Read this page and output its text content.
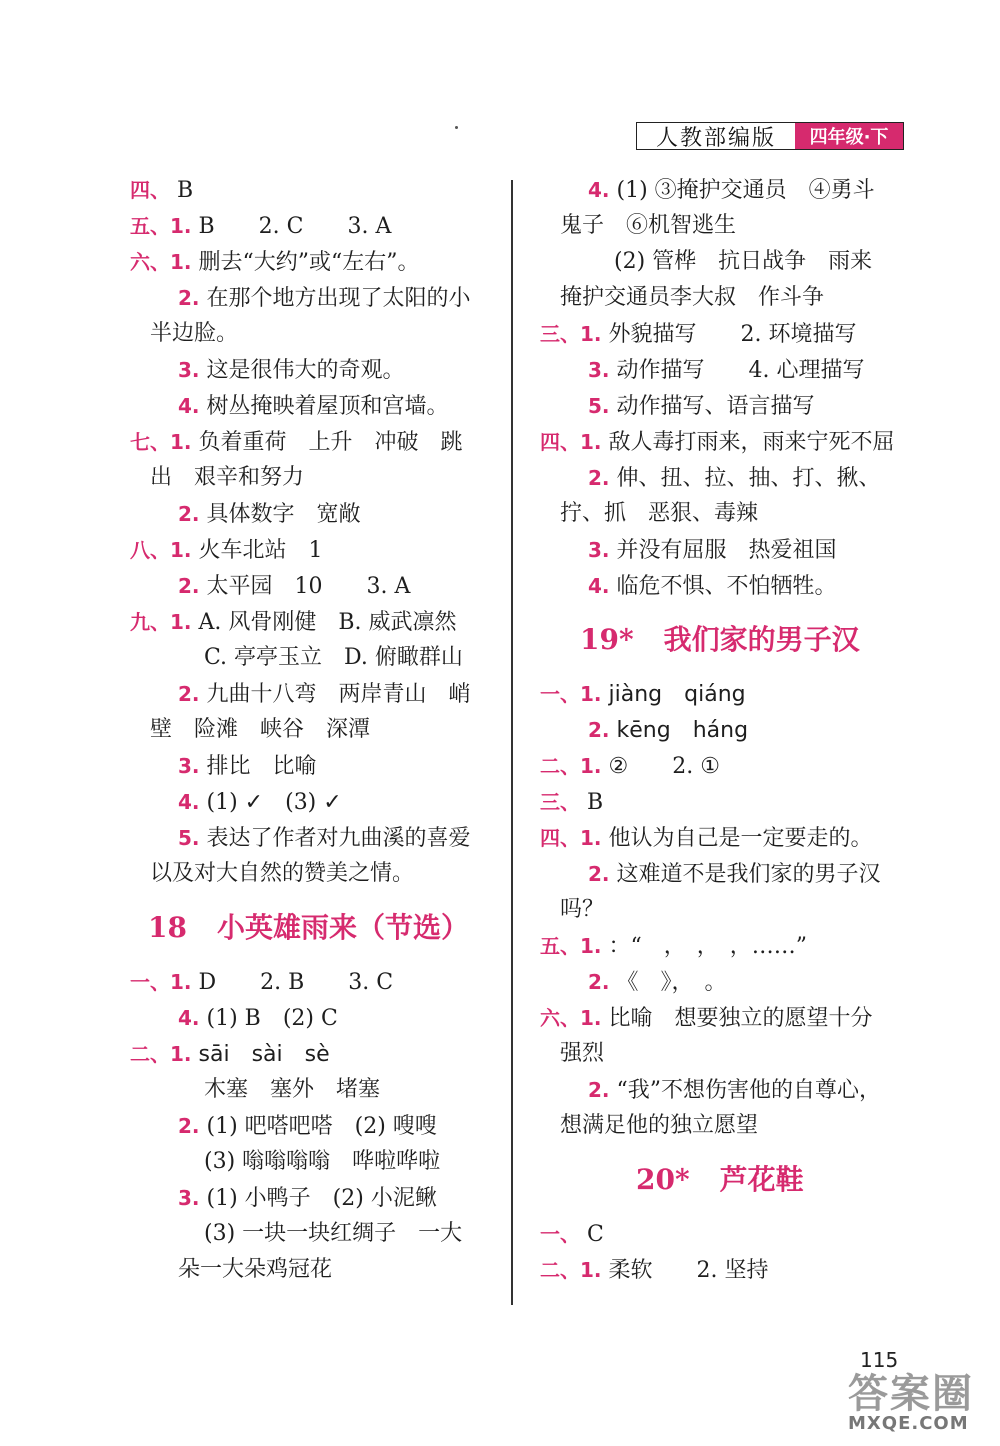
人教部编版	四年级·下
四、 B
五、1. B　　2. C　　3. A
六、1. 删去“大约”或“左右”。
2. 在那个地方出现了太阳的小
半边脸。
3. 这是很伟大的奇观。
4. 树丛掩映着屋顶和宫墙。
七、1. 负着重荷　上升　冲破　跳
出　艰辛和努力
2. 具体数字　宽敞
八、1. 火车北站　1
2. 太平园　10　　3. A
九、1. A. 风骨刚健　B. 威武凛然
C. 亭亭玉立　D. 俯瞰群山
2. 九曲十八弯　两岸青山　峭
壁　险滩　峡谷　深潭
3. 排比　比喻
4. (1) ✓　(3) ✓
5. 表达了作者对九曲溪的喜爱
以及对大自然的赞美之情。
18 小英雄雨来（节选）
一、1. D　　2. B　　3. C
4. (1) B　(2) C
二、1. sāi　sài　sè
木塞　塞外　堵塞
2. (1) 吧嗒吧嗒　(2) 嗖嗖
(3) 嗡嗡嗡嗡　哗啦哗啦
3. (1) 小鸭子　(2) 小泥鳅
(3) 一块一块红绸子　一大
朵一大朵鸡冠花
4. (1) ③掩护交通员　④勇斗
鬼子　⑥机智逃生
(2) 管桦　抗日战争　雨来
掩护交通员李大叔　作斗争
三、1. 外貌描写　　2. 环境描写
3. 动作描写　　4. 心理描写
5. 动作描写、语言描写
四、1. 敌人毒打雨来，雨来宁死不屈
2. 伸、扭、拉、抽、打、揪、
拧、抓　恶狠、毒辣
3. 并没有屈服　热爱祖国
4. 临危不惧、不怕牺牲。
19* 我们家的男子汉
一、1. jiàng　qiáng
2. kēng　háng
二、1. ②　　2. ①
三、 B
四、1. 他认为自己是一定要走的。
2. 这难道不是我们家的男子汉
吗？
五、1. ：“　，　，　，……”
2. 《　》，　。
六、1. 比喻　想要独立的愿望十分
强烈
2. “我”不想伤害他的自尊心，
想满足他的独立愿望
20* 芦花鞋
一、 C
二、1. 柔软　　2. 坚持
115
答案圈
MXQE.COM
